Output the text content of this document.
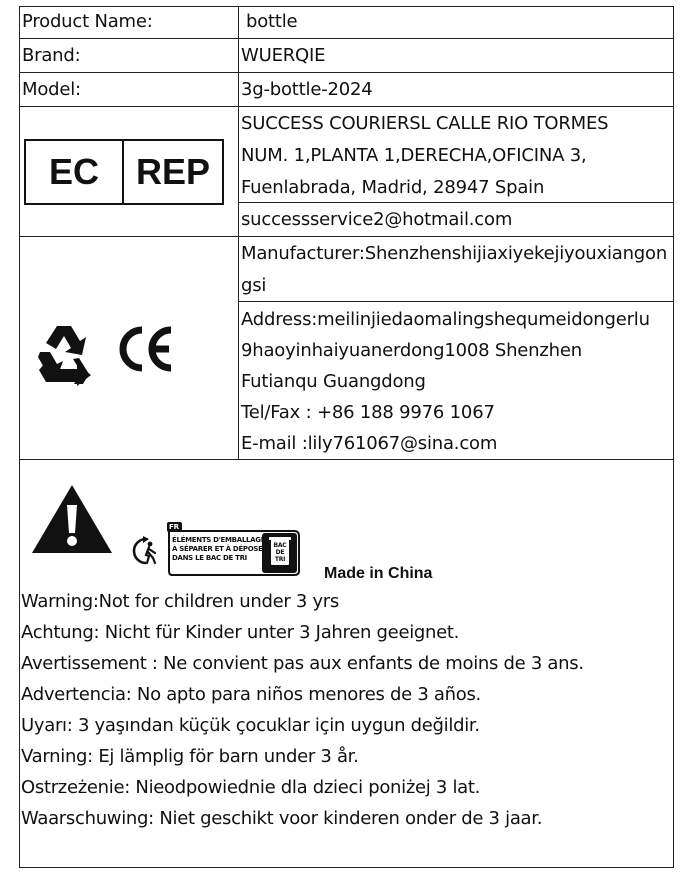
Product Name:	bottle
Brand:	WUERQIE
Model:	3g-bottle-2024
EC	REP
SUCCESS COURIERSL CALLE RIO TORMES
NUM. 1,PLANTA 1,DERECHA,OFICINA 3,
Fuenlabrada, Madrid, 28947 Spain
successservice2@hotmail.com
Manufacturer:Shenzhenshijiaxiyekejiyouxiangon
gsi
Address:meilinjiedaomalingshequmeidongerlu
9haoyinhaiyuanerdong1008 Shenzhen
Futianqu Guangdong
Tel/Fax : +86 188 9976 1067
E-mail :lily761067@sina.com
FR
ÉLÉMENTS D'EMBALLAGE
À SÉPARER ET À DÉPOSER
DANS LE BAC DE TRI
BAC
DE
TRI
Made in China
Warning:Not for children under 3 yrs
Achtung: Nicht für Kinder unter 3 Jahren geeignet.
Avertissement : Ne convient pas aux enfants de moins de 3 ans.
Advertencia: No apto para niños menores de 3 años.
Uyarı: 3 yaşından küçük çocuklar için uygun değildir.
Varning: Ej lämplig för barn under 3 år.
Ostrzeżenie: Nieodpowiednie dla dzieci poniżej 3 lat.
Waarschuwing: Niet geschikt voor kinderen onder de 3 jaar.
